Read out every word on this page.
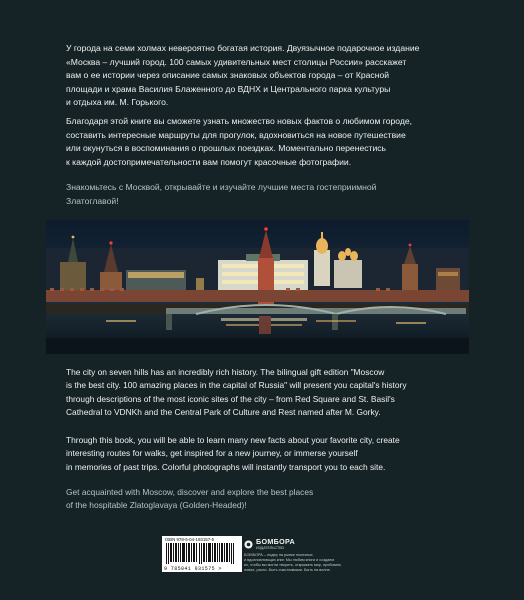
У города на семи холмах невероятно богатая история. Двуязычное подарочное издание

«Москва – лучший город. 100 самых удивительных мест столицы России» расскажет

вам о ее истории через описание самых знаковых объектов города – от Красной

площади и храма Василия Блаженного до ВДНХ и Центрального парка культуры

и отдыха им. М. Горького.

Благодаря этой книге вы сможете узнать множество новых фактов о любимом городе,

составить интересные маршруты для прогулок, вдохновиться на новое путешествие

или окунуться в воспоминания о прошлых поездках. Моментально перенестись

к каждой достопримечательности вам помогут красочные фотографии.

Знакомьтесь с Москвой, открывайте и изучайте лучшие места гостеприимной

Златоглавой!

The city on seven hills has an incredibly rich history. The bilingual gift edition "Moscow

is the best city. 100 amazing places in the capital of Russia" will present you capital's history

through descriptions of the most iconic sites of the city – from Red Square and St. Basil's

Cathedral to VDNKh and the Central Park of Culture and Rest named after M. Gorky.

Through this book, you will be able to learn many new facts about your favorite city, create

interesting routes for walks, get inspired for a new journey, or immerse yourself

in memories of past trips. Colorful photographs will instantly transport you to each site.

Get acquainted with Moscow, discover and explore the best places

of the hospitable Zlatoglavaya (Golden-Headed)!

ISBN 978-5-04-193157-5
9 785041 931575 >
БОМБОРА
ИЗДАТЕЛЬСТВО
БОМБОРА – лидер на рынке полезных
и вдохновляющих книг. Мы любим книги и создаем
их, чтобы вы могли творить, открывать мир, пробовать
новое, расти. Быть счастливыми. Быть на волне.
